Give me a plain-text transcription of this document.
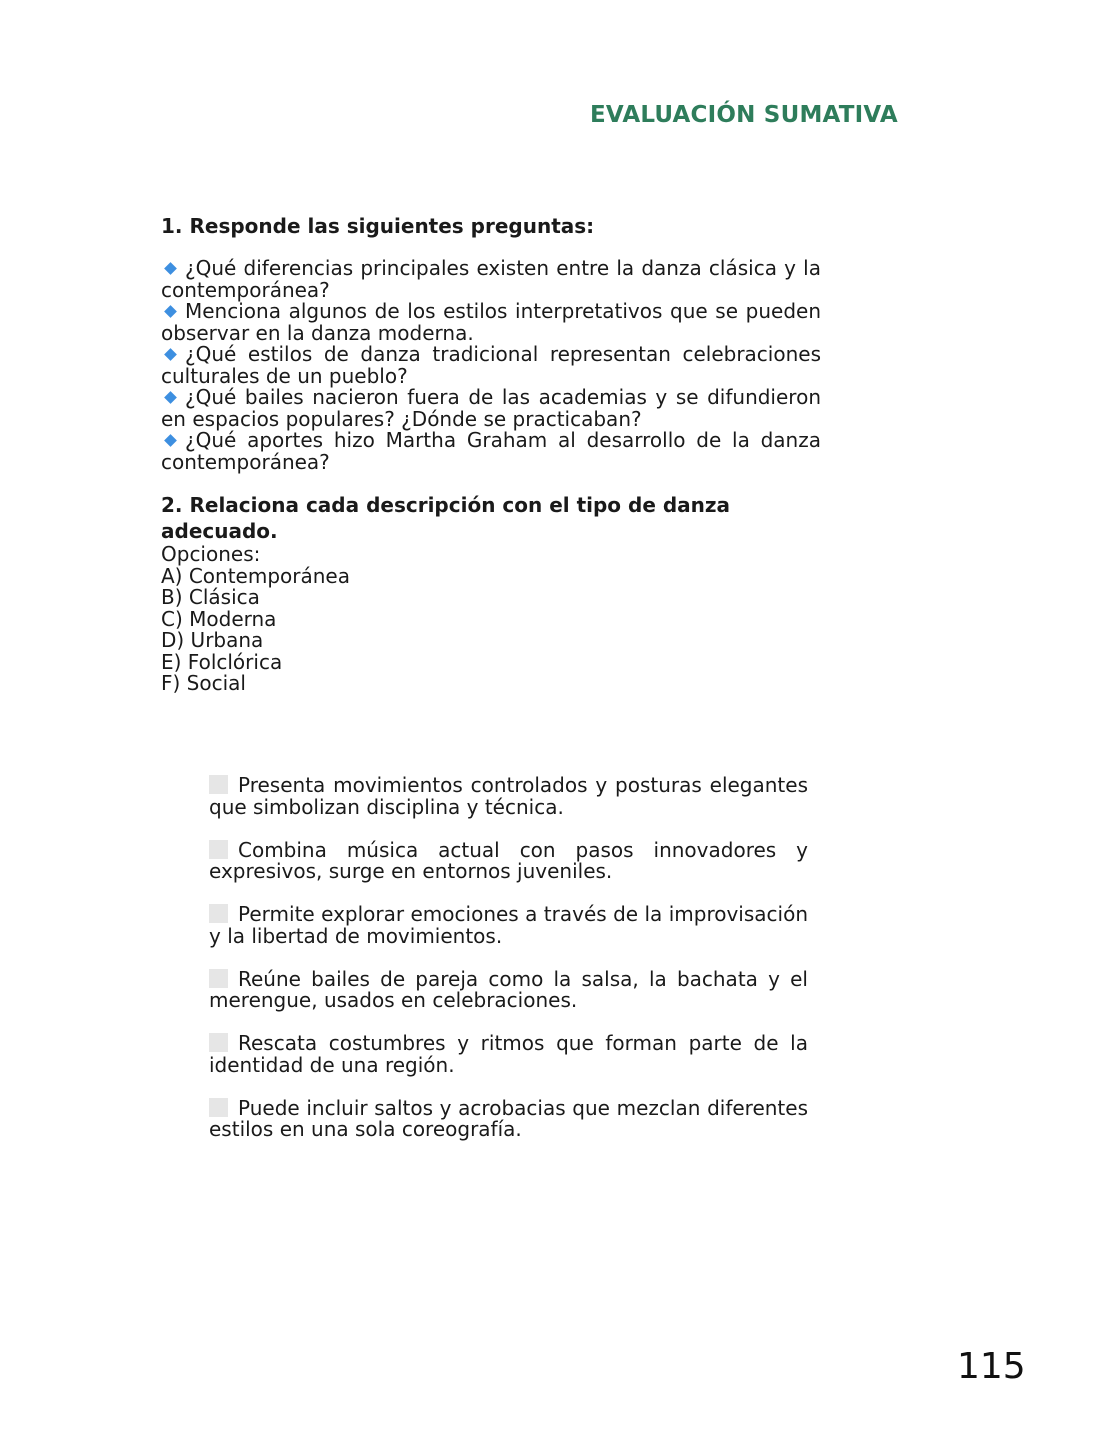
EVALUACIÓN SUMATIVA

1. Responde las siguientes preguntas:

¿Qué diferencias principales existen entre la danza clásica y la contemporánea?
Menciona algunos de los estilos interpretativos que se pueden observar en la danza moderna.
¿Qué estilos de danza tradicional representan celebraciones culturales de un pueblo?
¿Qué bailes nacieron fuera de las academias y se difundieron en espacios populares? ¿Dónde se practicaban?
¿Qué aportes hizo Martha Graham al desarrollo de la danza contemporánea?

2. Relaciona cada descripción con el tipo de danza adecuado.

Opciones:
A) Contemporánea
B) Clásica
C) Moderna
D) Urbana
E) Folclórica
F) Social
Presenta movimientos controlados y posturas elegantes que simbolizan disciplina y técnica.
Combina música actual con pasos innovadores y expresivos, surge en entornos juveniles.
Permite explorar emociones a través de la improvisación y la libertad de movimientos.
Reúne bailes de pareja como la salsa, la bachata y el merengue, usados en celebraciones.
Rescata costumbres y ritmos que forman parte de la identidad de una región.
Puede incluir saltos y acrobacias que mezclan diferentes estilos en una sola coreografía.
115
